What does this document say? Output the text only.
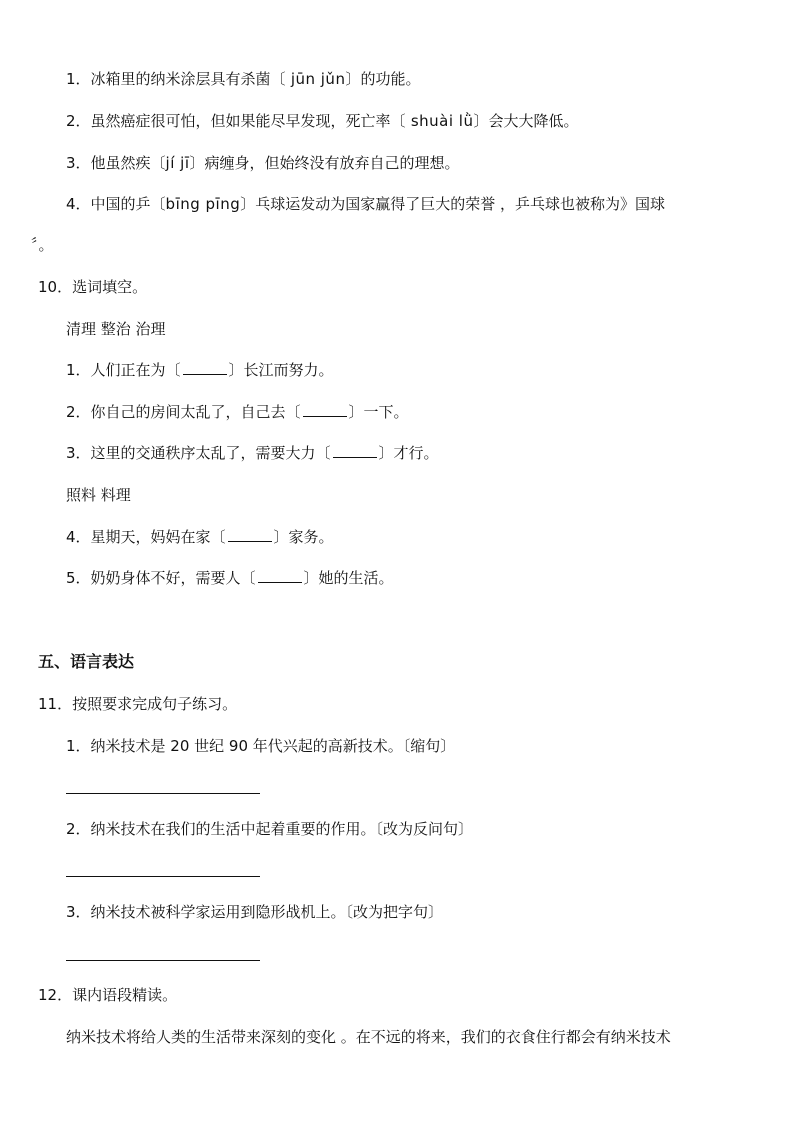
1．冰箱里的纳米涂层具有杀菌〔 jūn jǔn〕的功能。
2．虽然癌症很可怕，但如果能尽早发现，死亡率〔 shuài lǜ〕会大大降低。
3．他虽然疾〔jí jī〕病缠身，但始终没有放弃自己的理想。
4．中国的乒〔bīng pīng〕乓球运发动为国家赢得了巨大的荣誉 ，乒乓球也被称为》国球
〞。
10．选词填空。
清理 整治 治理
1．人们正在为〔	〕长江而努力。
2．你自己的房间太乱了，自己去〔	〕一下。
3．这里的交通秩序太乱了，需要大力〔	〕才行。
照料 料理
4．星期天，妈妈在家〔	〕家务。
5．奶奶身体不好，需要人〔	〕她的生活。
五、语言表达
11．按照要求完成句子练习。
1．纳米技术是 20 世纪 90 年代兴起的高新技术。〔缩句〕
2．纳米技术在我们的生活中起着重要的作用。〔改为反问句〕
3．纳米技术被科学家运用到隐形战机上。〔改为把字句〕
12．课内语段精读。
纳米技术将给人类的生活带来深刻的变化 。在不远的将来，我们的衣食住行都会有纳米技术
